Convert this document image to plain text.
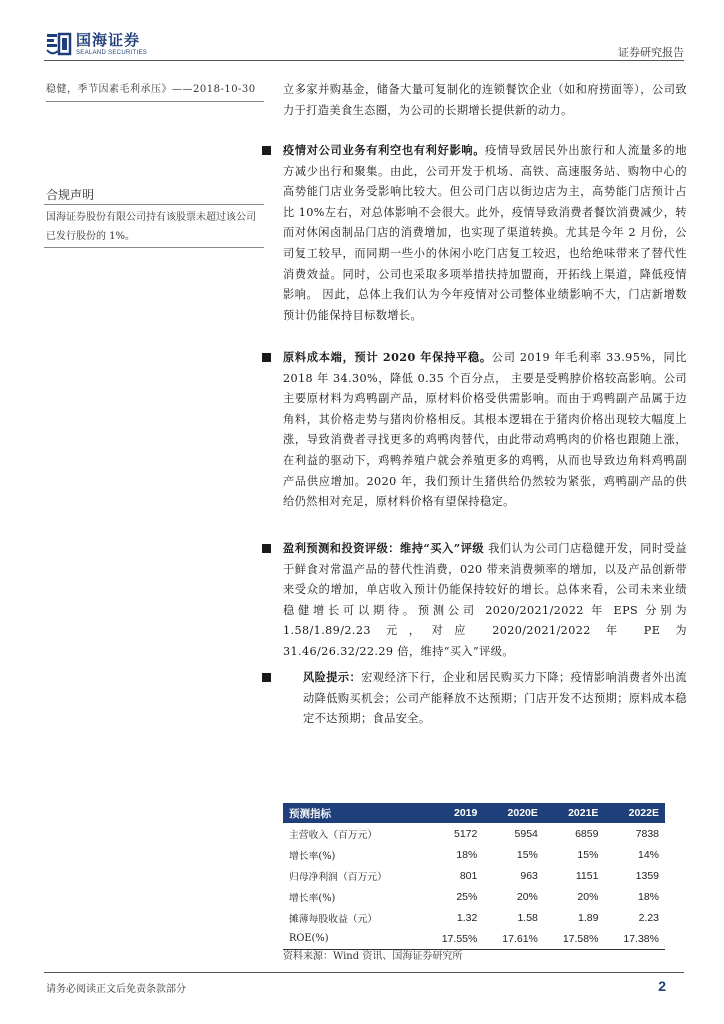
国海证券
SEALAND SECURITIES	证券研究报告
稳健，季节因素毛利承压》——2018-10-30
合规声明
国海证券股份有限公司持有该股票未超过该公司已发行股份的 1%。
立多家并购基金，储备大量可复制化的连锁餐饮企业（如和府捞面等），公司致力于打造美食生态圈，为公司的长期增长提供新的动力。
疫情对公司业务有利空也有利好影响。疫情导致居民外出旅行和人流量多的地方减少出行和聚集。由此，公司开发于机场、高铁、高速服务站、购物中心的高势能门店业务受影响比较大。但公司门店以街边店为主，高势能门店预计占比 10%左右，对总体影响不会很大。此外，疫情导致消费者餐饮消费减少，转而对休闲卤制品门店的消费增加，也实现了渠道转换。尤其是今年 2 月份，公司复工较早，而同期一些小的休闲小吃门店复工较迟，也给绝味带来了替代性消费效益。同时，公司也采取多项举措扶持加盟商，开拓线上渠道，降低疫情影响。 因此，总体上我们认为今年疫情对公司整体业绩影响不大，门店新增数预计仍能保持目标数增长。
原料成本端，预计 2020 年保持平稳。公司 2019 年毛利率 33.95%，同比 2018 年 34.30%，降低 0.35 个百分点， 主要是受鸭脖价格较高影响。公司主要原材料为鸡鸭副产品，原材料价格受供需影响。而由于鸡鸭副产品属于边角料，其价格走势与猪肉价格相反。其根本逻辑在于猪肉价格出现较大幅度上涨，导致消费者寻找更多的鸡鸭肉替代，由此带动鸡鸭肉的价格也跟随上涨，在利益的驱动下，鸡鸭养殖户就会养殖更多的鸡鸭，从而也导致边角料鸡鸭副产品供应增加。2020 年，我们预计生猪供给仍然较为紧张，鸡鸭副产品的供给仍然相对充足，原材料价格有望保持稳定。
盈利预测和投资评级：维持“买入”评级 我们认为公司门店稳健开发，同时受益于鲜食对常温产品的替代性消费，020 带来消费频率的增加，以及产品创新带来受众的增加，单店收入预计仍能保持较好的增长。总体来看，公司未来业绩稳健增长可以期待。预测公司 2020/2021/2022 年 EPS 分别为 1.58/1.89/2.23 元，对应 2020/2021/2022 年 PE 为 31.46/26.32/22.29 倍，维持“买入”评级。
风险提示：宏观经济下行，企业和居民购买力下降；疫情影响消费者外出流动降低购买机会；公司产能释放不达预期；门店开发不达预期；原料成本稳定不达预期；食品安全。
预测指标	2019	2020E	2021E	2022E
主营收入（百万元）	5172	5954	6859	7838
增长率(%)	18%	15%	15%	14%
归母净利润（百万元）	801	963	1151	1359
增长率(%)	25%	20%	20%	18%
摊薄每股收益（元）	1.32	1.58	1.89	2.23
ROE(%)	17.55%	17.61%	17.58%	17.38%
资料来源：Wind 资讯、国海证券研究所
请务必阅读正文后免责条款部分	2
